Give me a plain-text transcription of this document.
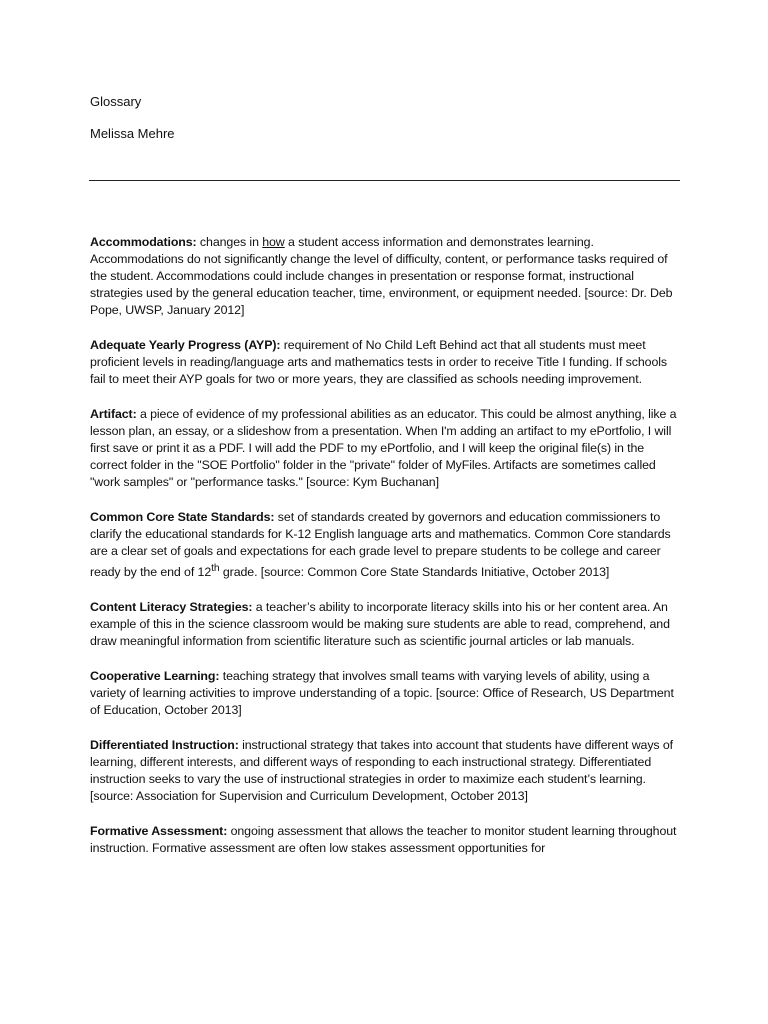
Glossary

Melissa Mehre

Accommodations: changes in how a student access information and demonstrates learning. Accommodations do not significantly change the level of difficulty, content, or performance tasks required of the student. Accommodations could include changes in presentation or response format, instructional strategies used by the general education teacher, time, environment, or equipment needed. [source: Dr. Deb Pope, UWSP, January 2012]

Adequate Yearly Progress (AYP): requirement of No Child Left Behind act that all students must meet proficient levels in reading/language arts and mathematics tests in order to receive Title I funding. If schools fail to meet their AYP goals for two or more years, they are classified as schools needing improvement.

Artifact: a piece of evidence of my professional abilities as an educator. This could be almost anything, like a lesson plan, an essay, or a slideshow from a presentation. When I'm adding an artifact to my ePortfolio, I will first save or print it as a PDF. I will add the PDF to my ePortfolio, and I will keep the original file(s) in the correct folder in the "SOE Portfolio" folder in the "private" folder of MyFiles. Artifacts are sometimes called "work samples" or "performance tasks." [source: Kym Buchanan]

Common Core State Standards: set of standards created by governors and education commissioners to clarify the educational standards for K-12 English language arts and mathematics. Common Core standards are a clear set of goals and expectations for each grade level to prepare students to be college and career ready by the end of 12th grade. [source: Common Core State Standards Initiative, October 2013]

Content Literacy Strategies: a teacher’s ability to incorporate literacy skills into his or her content area. An example of this in the science classroom would be making sure students are able to read, comprehend, and draw meaningful information from scientific literature such as scientific journal articles or lab manuals.

Cooperative Learning: teaching strategy that involves small teams with varying levels of ability, using a variety of learning activities to improve understanding of a topic. [source: Office of Research, US Department of Education, October 2013]

Differentiated Instruction: instructional strategy that takes into account that students have different ways of learning, different interests, and different ways of responding to each instructional strategy. Differentiated instruction seeks to vary the use of instructional strategies in order to maximize each student’s learning. [source: Association for Supervision and Curriculum Development, October 2013]

Formative Assessment: ongoing assessment that allows the teacher to monitor student learning throughout instruction. Formative assessment are often low stakes assessment opportunities for
